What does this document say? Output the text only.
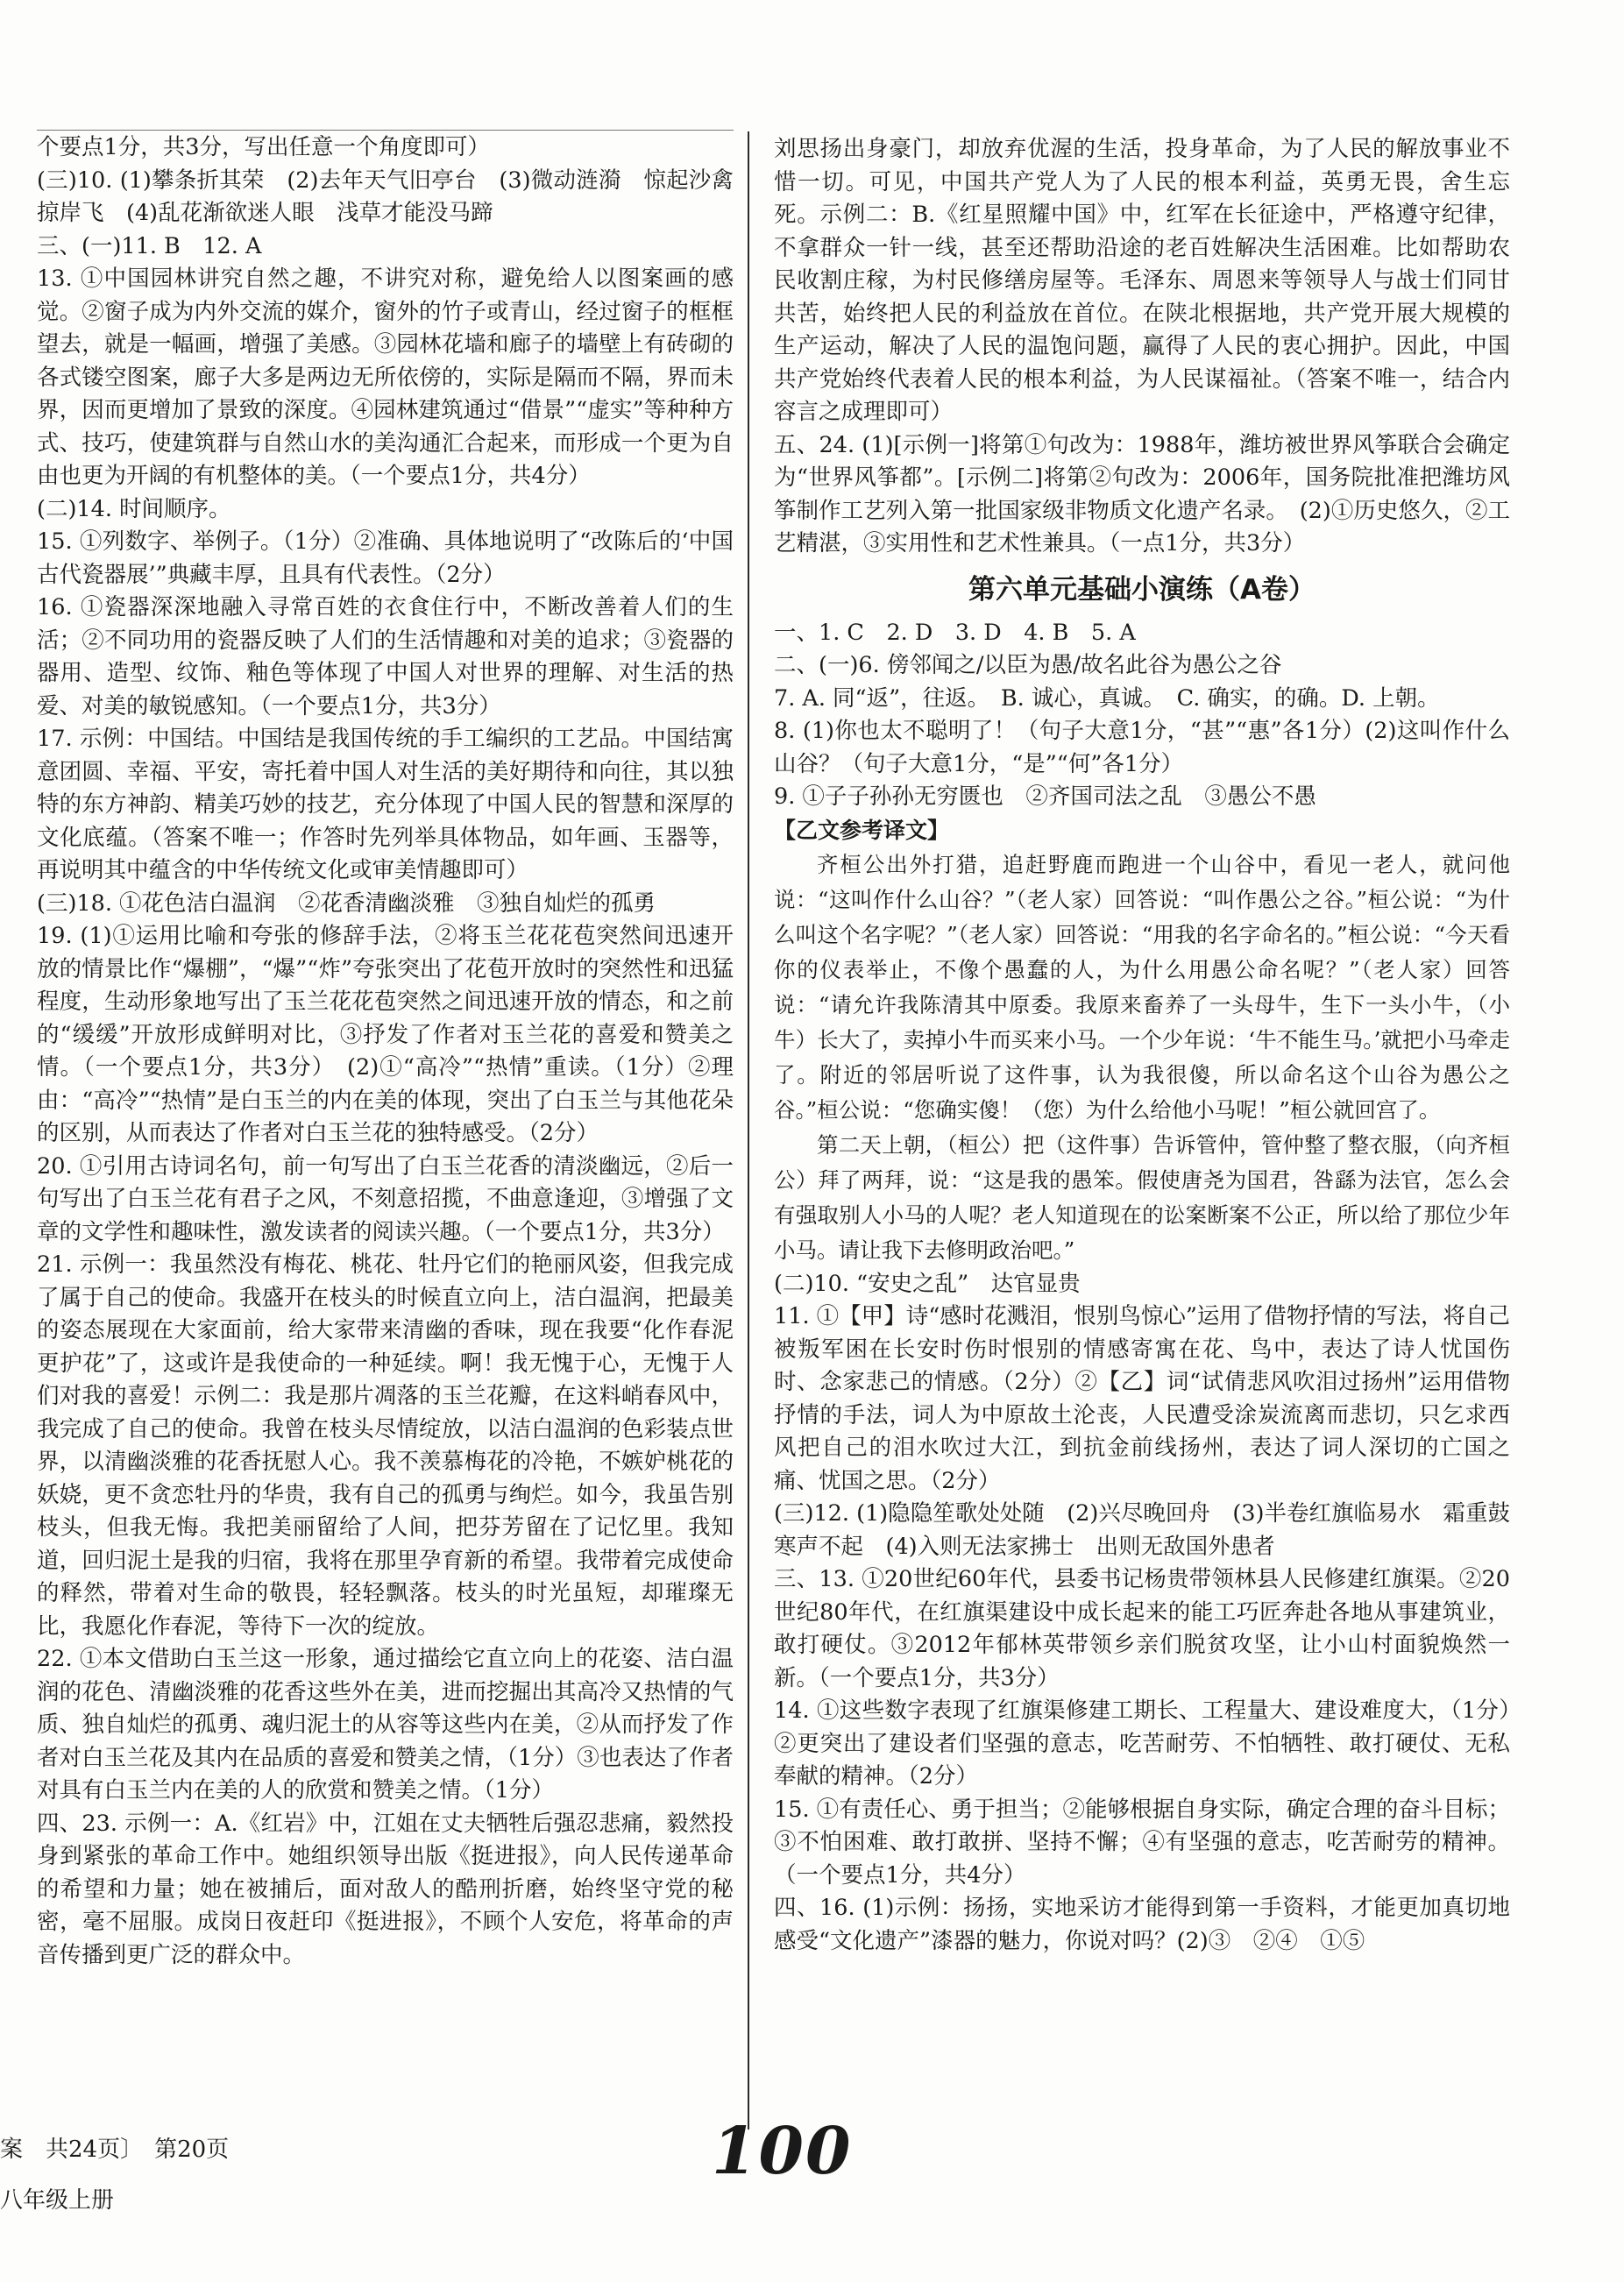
个要点1分，共3分，写出任意一个角度即可）

(三)10. (1)攀条折其荣　(2)去年天气旧亭台　(3)微动涟漪　惊起沙禽掠岸飞　(4)乱花渐欲迷人眼　浅草才能没马蹄

三、(一)11. B　12. A

13. ①中国园林讲究自然之趣，不讲究对称，避免给人以图案画的感觉。②窗子成为内外交流的媒介，窗外的竹子或青山，经过窗子的框框望去，就是一幅画，增强了美感。③园林花墙和廊子的墙壁上有砖砌的各式镂空图案，廊子大多是两边无所依傍的，实际是隔而不隔，界而未界，因而更增加了景致的深度。④园林建筑通过“借景”“虚实”等种种方式、技巧，使建筑群与自然山水的美沟通汇合起来，而形成一个更为自由也更为开阔的有机整体的美。（一个要点1分，共4分）

(二)14. 时间顺序。

15. ①列数字、举例子。（1分）②准确、具体地说明了“改陈后的‘中国古代瓷器展’”典藏丰厚，且具有代表性。（2分）

16. ①瓷器深深地融入寻常百姓的衣食住行中，不断改善着人们的生活；②不同功用的瓷器反映了人们的生活情趣和对美的追求；③瓷器的器用、造型、纹饰、釉色等体现了中国人对世界的理解、对生活的热爱、对美的敏锐感知。（一个要点1分，共3分）

17. 示例：中国结。中国结是我国传统的手工编织的工艺品。中国结寓意团圆、幸福、平安，寄托着中国人对生活的美好期待和向往，其以独特的东方神韵、精美巧妙的技艺，充分体现了中国人民的智慧和深厚的文化底蕴。（答案不唯一；作答时先列举具体物品，如年画、玉器等，再说明其中蕴含的中华传统文化或审美情趣即可）

(三)18. ①花色洁白温润　②花香清幽淡雅　③独自灿烂的孤勇

19. (1)①运用比喻和夸张的修辞手法，②将玉兰花花苞突然间迅速开放的情景比作“爆棚”，“爆”“炸”夸张突出了花苞开放时的突然性和迅猛程度，生动形象地写出了玉兰花花苞突然之间迅速开放的情态，和之前的“缓缓”开放形成鲜明对比，③抒发了作者对玉兰花的喜爱和赞美之情。（一个要点1分，共3分）　(2)①“高冷”“热情”重读。（1分）②理由：“高冷”“热情”是白玉兰的内在美的体现，突出了白玉兰与其他花朵的区别，从而表达了作者对白玉兰花的独特感受。（2分）

20. ①引用古诗词名句，前一句写出了白玉兰花香的清淡幽远，②后一句写出了白玉兰花有君子之风，不刻意招揽，不曲意逢迎，③增强了文章的文学性和趣味性，激发读者的阅读兴趣。（一个要点1分，共3分）

21. 示例一：我虽然没有梅花、桃花、牡丹它们的艳丽风姿，但我完成了属于自己的使命。我盛开在枝头的时候直立向上，洁白温润，把最美的姿态展现在大家面前，给大家带来清幽的香味，现在我要“化作春泥更护花”了，这或许是我使命的一种延续。啊！我无愧于心，无愧于人们对我的喜爱！示例二：我是那片凋落的玉兰花瓣，在这料峭春风中，我完成了自己的使命。我曾在枝头尽情绽放，以洁白温润的色彩装点世界，以清幽淡雅的花香抚慰人心。我不羡慕梅花的冷艳，不嫉妒桃花的妖娆，更不贪恋牡丹的华贵，我有自己的孤勇与绚烂。如今，我虽告别枝头，但我无悔。我把美丽留给了人间，把芬芳留在了记忆里。我知道，回归泥土是我的归宿，我将在那里孕育新的希望。我带着完成使命的释然，带着对生命的敬畏，轻轻飘落。枝头的时光虽短，却璀璨无比，我愿化作春泥，等待下一次的绽放。

22. ①本文借助白玉兰这一形象，通过描绘它直立向上的花姿、洁白温润的花色、清幽淡雅的花香这些外在美，进而挖掘出其高冷又热情的气质、独自灿烂的孤勇、魂归泥土的从容等这些内在美，②从而抒发了作者对白玉兰花及其内在品质的喜爱和赞美之情，（1分）③也表达了作者对具有白玉兰内在美的人的欣赏和赞美之情。（1分）

四、23. 示例一：A.《红岩》中，江姐在丈夫牺牲后强忍悲痛，毅然投身到紧张的革命工作中。她组织领导出版《挺进报》，向人民传递革命的希望和力量；她在被捕后，面对敌人的酷刑折磨，始终坚守党的秘密，毫不屈服。成岗日夜赶印《挺进报》，不顾个人安危，将革命的声音传播到更广泛的群众中。

刘思扬出身豪门，却放弃优渥的生活，投身革命，为了人民的解放事业不惜一切。可见，中国共产党人为了人民的根本利益，英勇无畏，舍生忘死。示例二：B.《红星照耀中国》中，红军在长征途中，严格遵守纪律，不拿群众一针一线，甚至还帮助沿途的老百姓解决生活困难。比如帮助农民收割庄稼，为村民修缮房屋等。毛泽东、周恩来等领导人与战士们同甘共苦，始终把人民的利益放在首位。在陕北根据地，共产党开展大规模的生产运动，解决了人民的温饱问题，赢得了人民的衷心拥护。因此，中国共产党始终代表着人民的根本利益，为人民谋福祉。（答案不唯一，结合内容言之成理即可）

五、24. (1)[示例一]将第①句改为：1988年，潍坊被世界风筝联合会确定为“世界风筝都”。[示例二]将第②句改为：2006年，国务院批准把潍坊风筝制作工艺列入第一批国家级非物质文化遗产名录。　(2)①历史悠久，②工艺精湛，③实用性和艺术性兼具。（一点1分，共3分）

第六单元基础小演练（A卷）

一、1. C　2. D　3. D　4. B　5. A

二、(一)6. 傍邻闻之/以臣为愚/故名此谷为愚公之谷

7. A. 同“返”，往返。　B. 诚心，真诚。　C. 确实，的确。D. 上朝。

8. (1)你也太不聪明了！（句子大意1分，“甚”“惠”各1分）(2)这叫作什么山谷？（句子大意1分，“是”“何”各1分）

9. ①子子孙孙无穷匮也　②齐国司法之乱　③愚公不愚

【乙文参考译文】

齐桓公出外打猎，追赶野鹿而跑进一个山谷中，看见一老人，就问他说：“这叫作什么山谷？”（老人家）回答说：“叫作愚公之谷。”桓公说：“为什么叫这个名字呢？”（老人家）回答说：“用我的名字命名的。”桓公说：“今天看你的仪表举止，不像个愚蠢的人，为什么用愚公命名呢？”（老人家）回答说：“请允许我陈清其中原委。我原来畜养了一头母牛，生下一头小牛，（小牛）长大了，卖掉小牛而买来小马。一个少年说：‘牛不能生马。’就把小马牵走了。附近的邻居听说了这件事，认为我很傻，所以命名这个山谷为愚公之谷。”桓公说：“您确实傻！（您）为什么给他小马呢！”桓公就回宫了。

第二天上朝，（桓公）把（这件事）告诉管仲，管仲整了整衣服，（向齐桓公）拜了两拜，说：“这是我的愚笨。假使唐尧为国君，咎繇为法官，怎么会有强取别人小马的人呢？老人知道现在的讼案断案不公正，所以给了那位少年小马。请让我下去修明政治吧。”

(二)10. “安史之乱”　达官显贵

11. ①【甲】诗“感时花溅泪，恨别鸟惊心”运用了借物抒情的写法，将自己被叛军困在长安时伤时恨别的情感寄寓在花、鸟中，表达了诗人忧国伤时、念家悲己的情感。（2分）②【乙】词“试倩悲风吹泪过扬州”运用借物抒情的手法，词人为中原故土沦丧，人民遭受涂炭流离而悲切，只乞求西风把自己的泪水吹过大江，到抗金前线扬州，表达了词人深切的亡国之痛、忧国之思。（2分）

(三)12. (1)隐隐笙歌处处随　(2)兴尽晚回舟　(3)半卷红旗临易水　霜重鼓寒声不起　(4)入则无法家拂士　出则无敌国外患者

三、13. ①20世纪60年代，县委书记杨贵带领林县人民修建红旗渠。②20世纪80年代，在红旗渠建设中成长起来的能工巧匠奔赴各地从事建筑业，敢打硬仗。③2012年郁林英带领乡亲们脱贫攻坚，让小山村面貌焕然一新。（一个要点1分，共3分）

14. ①这些数字表现了红旗渠修建工期长、工程量大、建设难度大，（1分）②更突出了建设者们坚强的意志，吃苦耐劳、不怕牺牲、敢打硬仗、无私奉献的精神。（2分）

15. ①有责任心、勇于担当；②能够根据自身实际，确定合理的奋斗目标；③不怕困难、敢打敢拼、坚持不懈；④有坚强的意志，吃苦耐劳的精神。（一个要点1分，共4分）

四、16. (1)示例：扬扬，实地采访才能得到第一手资料，才能更加真切地感受“文化遗产”漆器的魅力，你说对吗？(2)③　②④　①⑤

案　共24页〕　第20页
八年级上册
100
